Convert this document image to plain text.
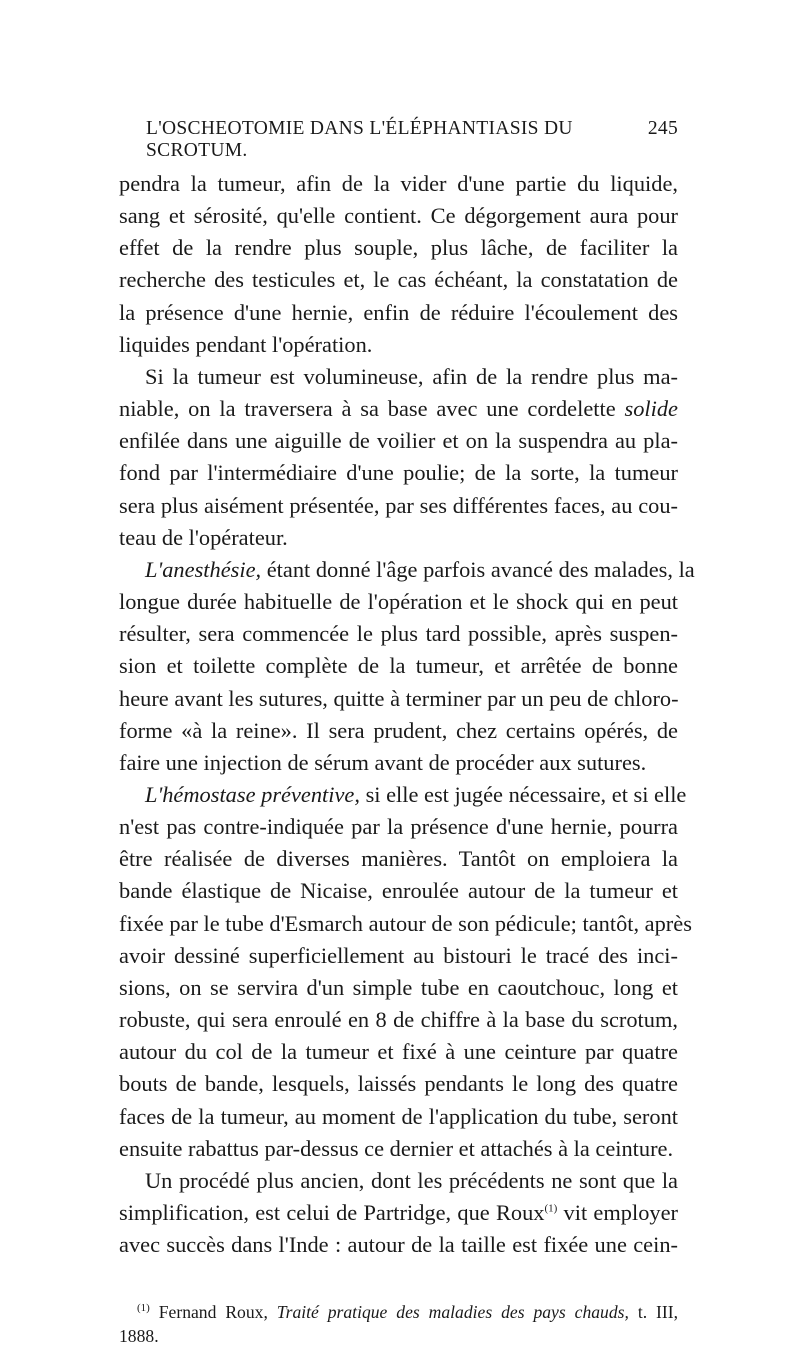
L'OSCHEOTOMIE DANS L'ÉLÉPHANTIASIS DU SCROTUM.
245

pendra la tumeur, afin de la vider d'une partie du liquide,
sang et sérosité, qu'elle contient. Ce dégorgement aura pour
effet de la rendre plus souple, plus lâche, de faciliter la
recherche des testicules et, le cas échéant, la constatation de
la présence d'une hernie, enfin de réduire l'écoulement des
liquides pendant l'opération.

Si la tumeur est volumineuse, afin de la rendre plus ma-
niable, on la traversera à sa base avec une cordelette solide
enfilée dans une aiguille de voilier et on la suspendra au pla-
fond par l'intermédiaire d'une poulie; de la sorte, la tumeur
sera plus aisément présentée, par ses différentes faces, au cou-
teau de l'opérateur.

L'anesthésie, étant donné l'âge parfois avancé des malades, la
longue durée habituelle de l'opération et le shock qui en peut
résulter, sera commencée le plus tard possible, après suspen-
sion et toilette complète de la tumeur, et arrêtée de bonne
heure avant les sutures, quitte à terminer par un peu de chloro-
forme «à la reine». Il sera prudent, chez certains opérés, de
faire une injection de sérum avant de procéder aux sutures.

L'hémostase préventive, si elle est jugée nécessaire, et si elle
n'est pas contre-indiquée par la présence d'une hernie, pourra
être réalisée de diverses manières. Tantôt on emploiera la
bande élastique de Nicaise, enroulée autour de la tumeur et
fixée par le tube d'Esmarch autour de son pédicule; tantôt, après
avoir dessiné superficiellement au bistouri le tracé des inci-
sions, on se servira d'un simple tube en caoutchouc, long et
robuste, qui sera enroulé en 8 de chiffre à la base du scrotum,
autour du col de la tumeur et fixé à une ceinture par quatre
bouts de bande, lesquels, laissés pendants le long des quatre
faces de la tumeur, au moment de l'application du tube, seront
ensuite rabattus par-dessus ce dernier et attachés à la ceinture.

Un procédé plus ancien, dont les précédents ne sont que la
simplification, est celui de Partridge, que Roux$^{(1)}$ vit employer
avec succès dans l'Inde : autour de la taille est fixée une cein-

$^{(1)}$ Fernand Roux, Traité pratique des maladies des pays chauds, t. III,
1888.
